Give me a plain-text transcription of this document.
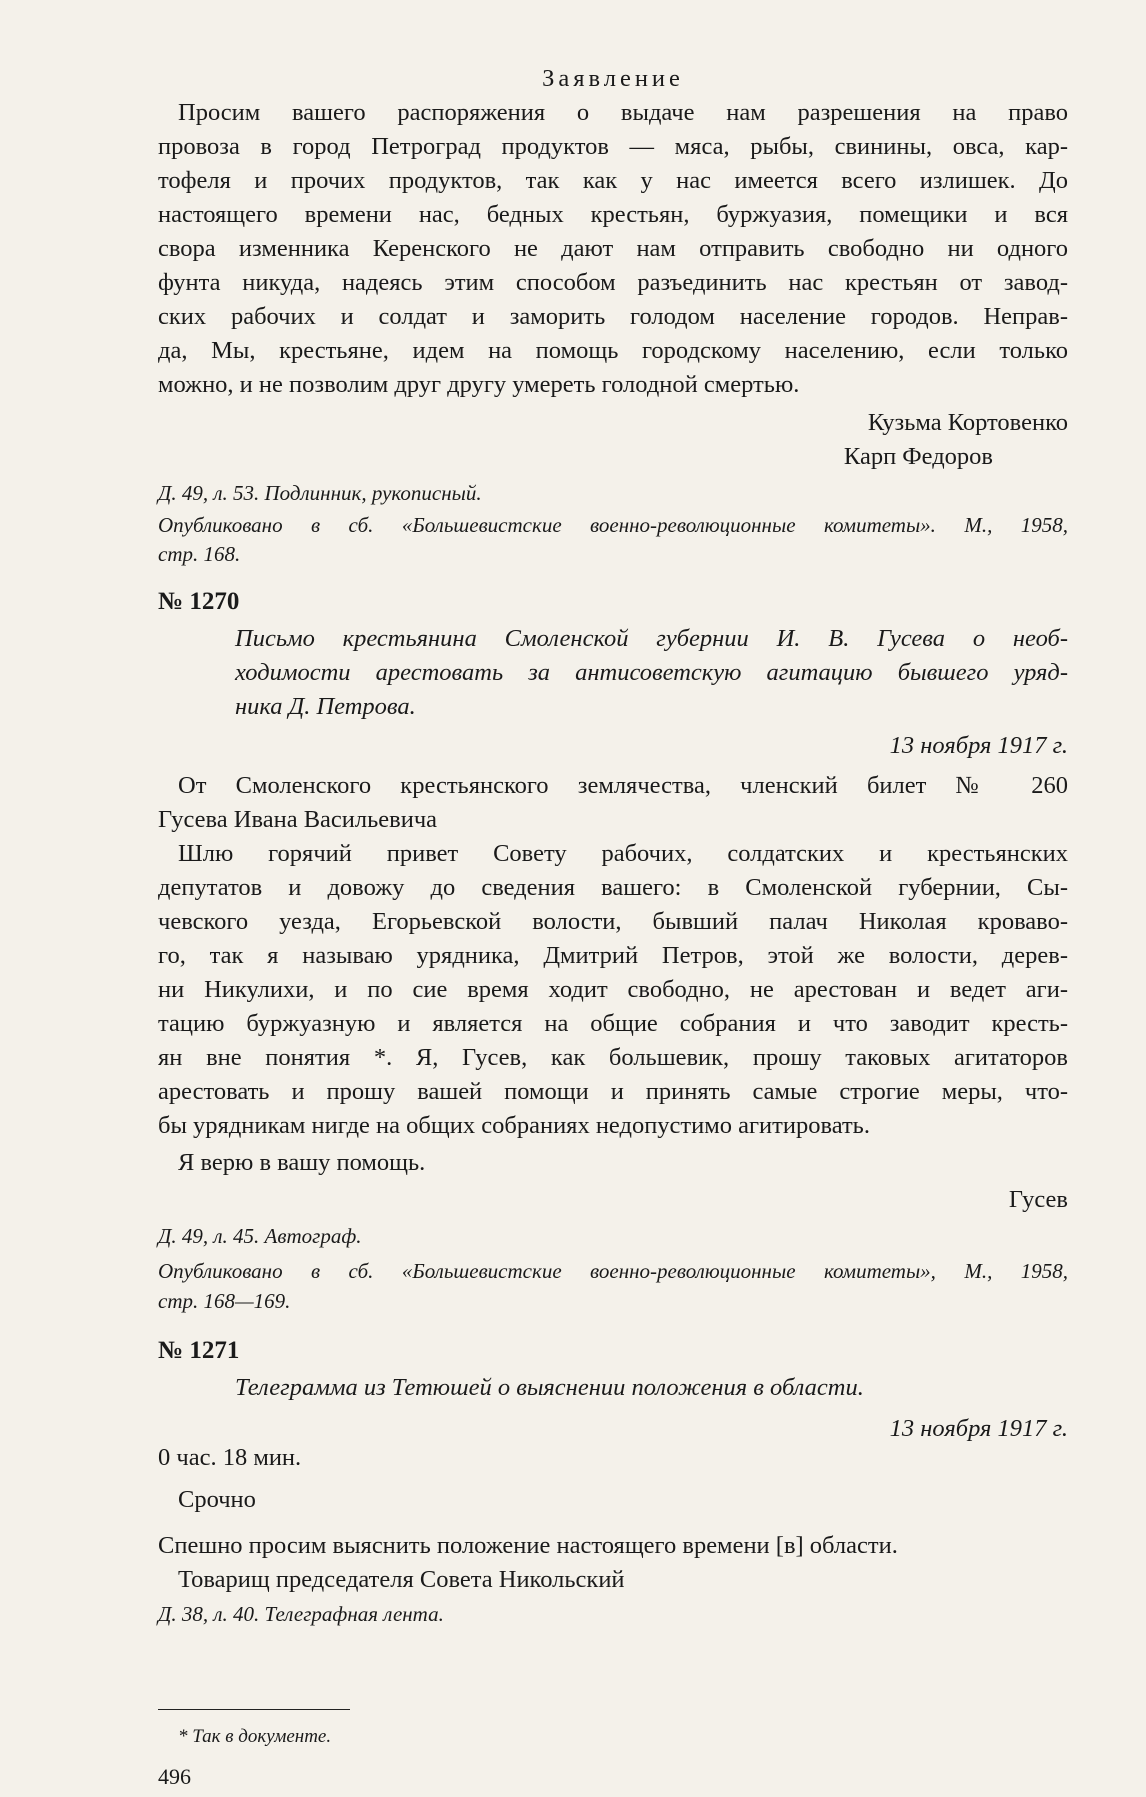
Заявление
Просим вашего распоряжения о выдаче нам разрешения на право
провоза в город Петроград продуктов — мяса, рыбы, свинины, овса, кар-
тофеля и прочих продуктов, так как у нас имеется всего излишек. До
настоящего времени нас, бедных крестьян, буржуазия, помещики и вся
свора изменника Керенского не дают нам отправить свободно ни одного
фунта никуда, надеясь этим способом разъединить нас крестьян от завод-
ских рабочих и солдат и заморить голодом население городов. Неправ-
да, Мы, крестьяне, идем на помощь городскому населению, если только
можно, и не позволим друг другу умереть голодной смертью.
Кузьма Кортовенко
Карп Федоров
Д. 49, л. 53. Подлинник, рукописный.
Опубликовано в сб. «Большевистские военно-революционные комитеты». М., 1958,
стр. 168.
№ 1270
Письмо крестьянина Смоленской губернии И. В. Гусева о необ-
ходимости арестовать за антисоветскую агитацию бывшего уряд-
ника Д. Петрова.
13 ноября 1917 г.
От Смоленского крестьянского землячества, членский билет № 260
Гусева Ивана Васильевича
Шлю горячий привет Совету рабочих, солдатских и крестьянских
депутатов и довожу до сведения вашего: в Смоленской губернии, Сы-
чевского уезда, Егорьевской волости, бывший палач Николая кроваво-
го, так я называю урядника, Дмитрий Петров, этой же волости, дерев-
ни Никулихи, и по сие время ходит свободно, не арестован и ведет аги-
тацию буржуазную и является на общие собрания и что заводит кресть-
ян вне понятия *. Я, Гусев, как большевик, прошу таковых агитаторов
арестовать и прошу вашей помощи и принять самые строгие меры, что-
бы урядникам нигде на общих собраниях недопустимо агитировать.
Я верю в вашу помощь.
Гусев
Д. 49, л. 45. Автограф.
Опубликовано в сб. «Большевистские военно-революционные комитеты», М., 1958,
стр. 168—169.
№ 1271
Телеграмма из Тетюшей о выяснении положения в области.
13 ноября 1917 г.
0 час. 18 мин.
Срочно
Спешно просим выяснить положение настоящего времени [в] области.
Товарищ председателя Совета Никольский
Д. 38, л. 40. Телеграфная лента.
* Так в документе.
496
